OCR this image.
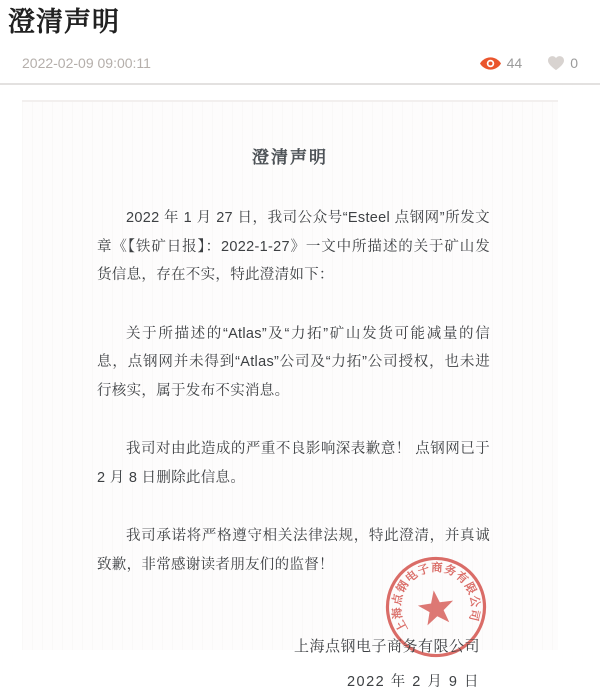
澄清声明
2022-02-09 09:00:11	44	0
澄清声明

2022 年 1 月 27 日，我司公众号“Esteel 点钢网”所发文章《【铁矿日报】：2022-1-27》一文中所描述的关于矿山发货信息，存在不实，特此澄清如下：

关于所描述的“Atlas”及“力拓”矿山发货可能减量的信息，点钢网并未得到“Atlas”公司及“力拓”公司授权，也未进行核实，属于发布不实消息。

我司对由此造成的严重不良影响深表歉意！ 点钢网已于 2 月 8 日删除此信息。

我司承诺将严格遵守相关法律法规，特此澄清，并真诚致歉，非常感谢读者朋友们的监督！

上海点钢电子商务有限公司
2022 年 2 月 9 日
上海点钢电子商务有限公司
